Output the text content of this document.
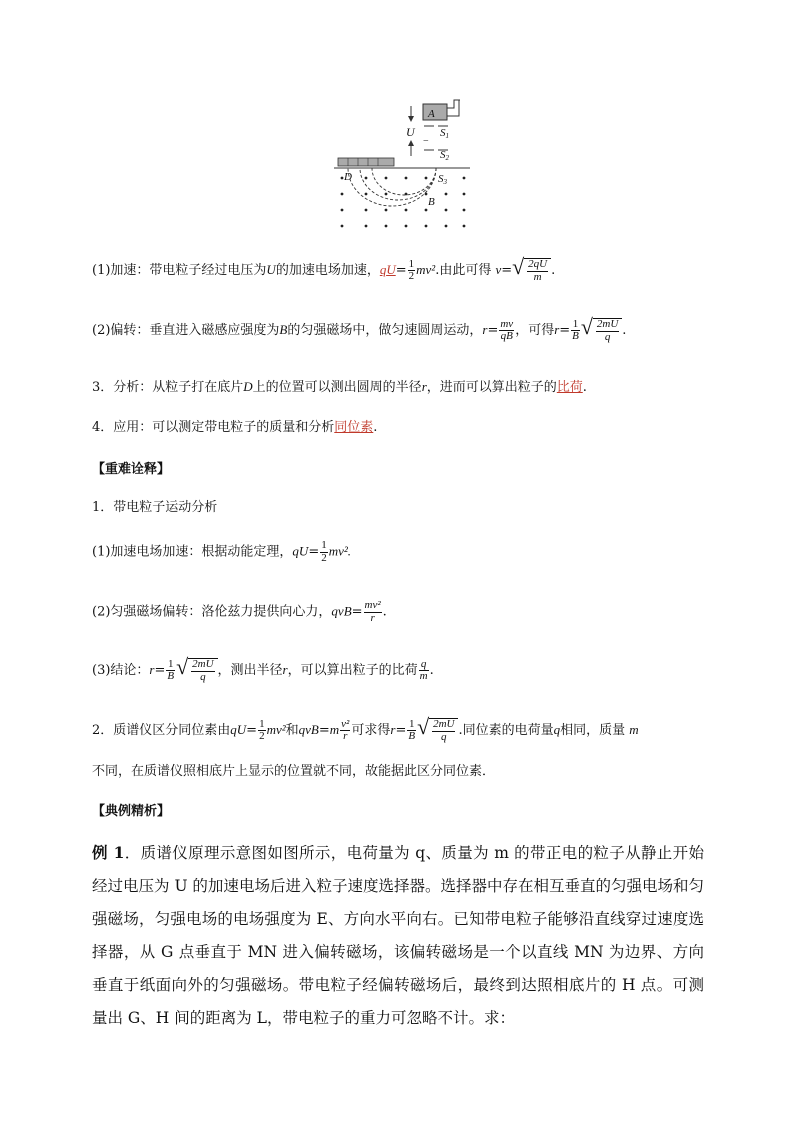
U
−
A
S1
S2
S3
D
B
(1)加速：带电粒子经过电压为U的加速电场加速，$qU= \frac{1}{2} mv^2$.由此可得 v= √ $\frac{2qU}{m}$ .
(2)偏转：垂直进入磁感应强度为B的匀强磁场中，做匀速圆周运动，$r= \frac{mv}{qB}$ ，可得$r= \frac{1}{B}$ √ $\frac{2mU}{q}$ .
3．分析：从粒子打在底片D上的位置可以测出圆周的半径r，进而可以算出粒子的比荷.
4．应用：可以测定带电粒子的质量和分析同位素.
【重难诠释】
1．带电粒子运动分析
(1)加速电场加速：根据动能定理，$qU= \frac{1}{2} mv^2$.
(2)匀强磁场偏转：洛伦兹力提供向心力，$qvB= \frac{\text{mv²}}{r}$ .
(3)结论：$r= \frac{1}{B}$ √ $\frac{2mU}{q}$ ，测出半径r，可以算出粒子的比荷 $\frac{q}{m}$ .
2．质谱仪区分同位素由$qU= \frac{1}{2} mv^2$和$qvB=m \frac{\text{v²}}{r}$ 可求得$r= \frac{1}{B}$ √ $\frac{2mU}{q}$ .同位素的电荷量q相同，质量 m
不同，在质谱仪照相底片上显示的位置就不同，故能据此区分同位素．
【典例精析】
例 1．质谱仪原理示意图如图所示，电荷量为 q、质量为 m 的带正电的粒子从静止开始经过电压为 U 的加速电场后进入粒子速度选择器。选择器中存在相互垂直的匀强电场和匀强磁场，匀强电场的电场强度为 E、方向水平向右。已知带电粒子能够沿直线穿过速度选择器，从 G 点垂直于 MN 进入偏转磁场，该偏转磁场是一个以直线 MN 为边界、方向垂直于纸面向外的匀强磁场。带电粒子经偏转磁场后，最终到达照相底片的 H 点。可测量出 G、H 间的距离为 L，带电粒子的重力可忽略不计。求：
